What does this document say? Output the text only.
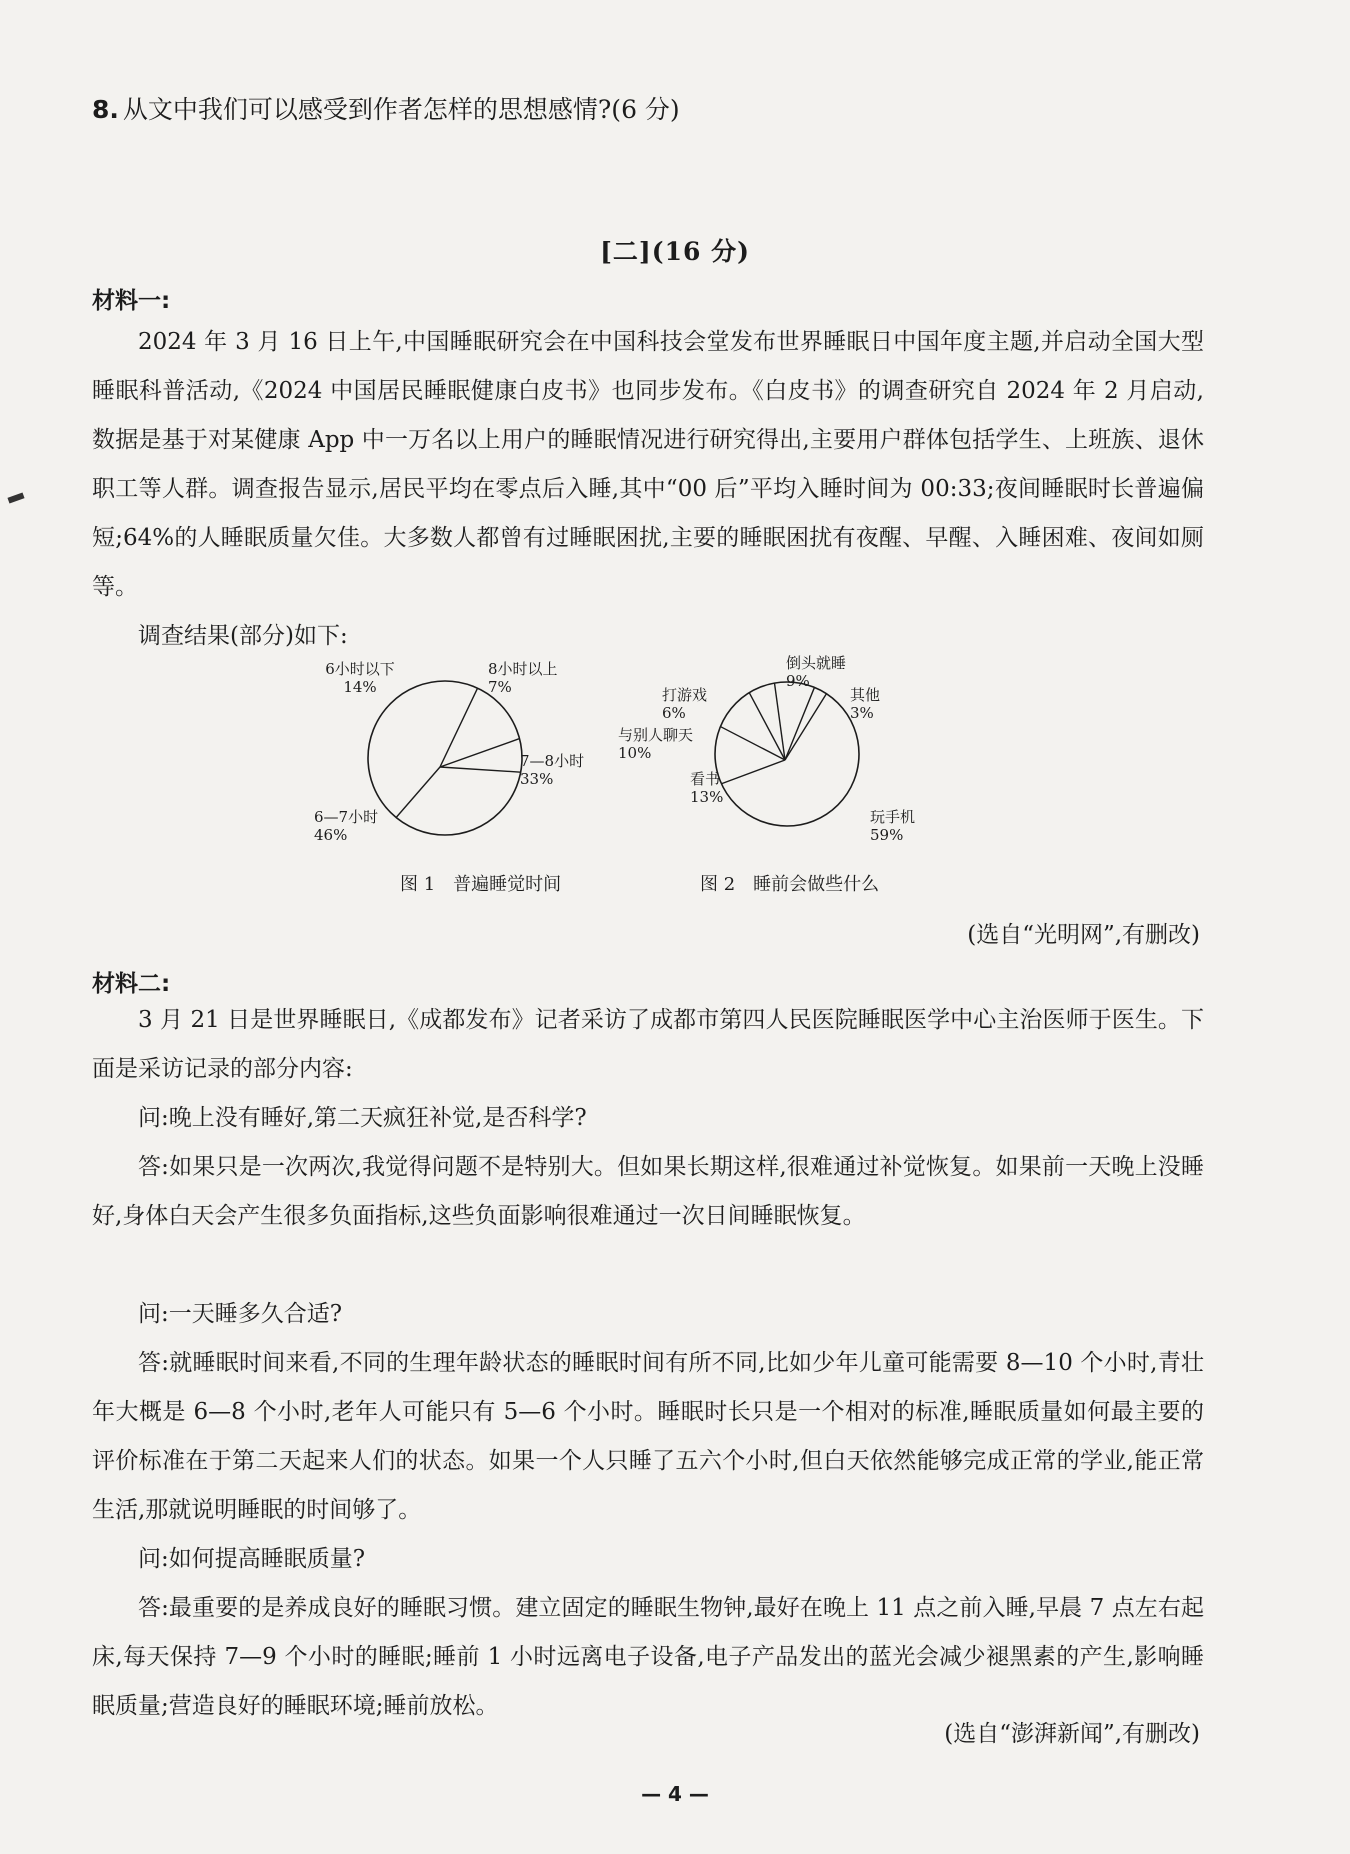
8. 从文中我们可以感受到作者怎样的思想感情?(6 分)
[二](16 分)
材料一:
2024 年 3 月 16 日上午,中国睡眠研究会在中国科技会堂发布世界睡眠日中国年度主题,并启动全国大型睡眠科普活动,《2024 中国居民睡眠健康白皮书》也同步发布。《白皮书》的调查研究自 2024 年 2 月启动,数据是基于对某健康 App 中一万名以上用户的睡眠情况进行研究得出,主要用户群体包括学生、上班族、退休职工等人群。调查报告显示,居民平均在零点后入睡,其中“00 后”平均入睡时间为 00:33;夜间睡眠时长普遍偏短;64%的人睡眠质量欠佳。大多数人都曾有过睡眠困扰,主要的睡眠困扰有夜醒、早醒、入睡困难、夜间如厕等。
调查结果(部分)如下:
6小时以下
14%
8小时以上
7%
7—8小时
33%
6—7小时
46%
图 1　普遍睡觉时间
倒头就睡
9%
其他
3%
玩手机
59%
看书
13%
与别人聊天
10%
打游戏
6%
图 2　睡前会做些什么
(选自“光明网”,有删改)
材料二:
3 月 21 日是世界睡眠日,《成都发布》记者采访了成都市第四人民医院睡眠医学中心主治医师于医生。下面是采访记录的部分内容:
问:晚上没有睡好,第二天疯狂补觉,是否科学?
答:如果只是一次两次,我觉得问题不是特别大。但如果长期这样,很难通过补觉恢复。如果前一天晚上没睡好,身体白天会产生很多负面指标,这些负面影响很难通过一次日间睡眠恢复。
问:一天睡多久合适?
答:就睡眠时间来看,不同的生理年龄状态的睡眠时间有所不同,比如少年儿童可能需要 8—10 个小时,青壮年大概是 6—8 个小时,老年人可能只有 5—6 个小时。睡眠时长只是一个相对的标准,睡眠质量如何最主要的评价标准在于第二天起来人们的状态。如果一个人只睡了五六个小时,但白天依然能够完成正常的学业,能正常生活,那就说明睡眠的时间够了。
问:如何提高睡眠质量?
答:最重要的是养成良好的睡眠习惯。建立固定的睡眠生物钟,最好在晚上 11 点之前入睡,早晨 7 点左右起床,每天保持 7—9 个小时的睡眠;睡前 1 小时远离电子设备,电子产品发出的蓝光会减少褪黑素的产生,影响睡眠质量;营造良好的睡眠环境;睡前放松。
(选自“澎湃新闻”,有删改)
— 4 —
